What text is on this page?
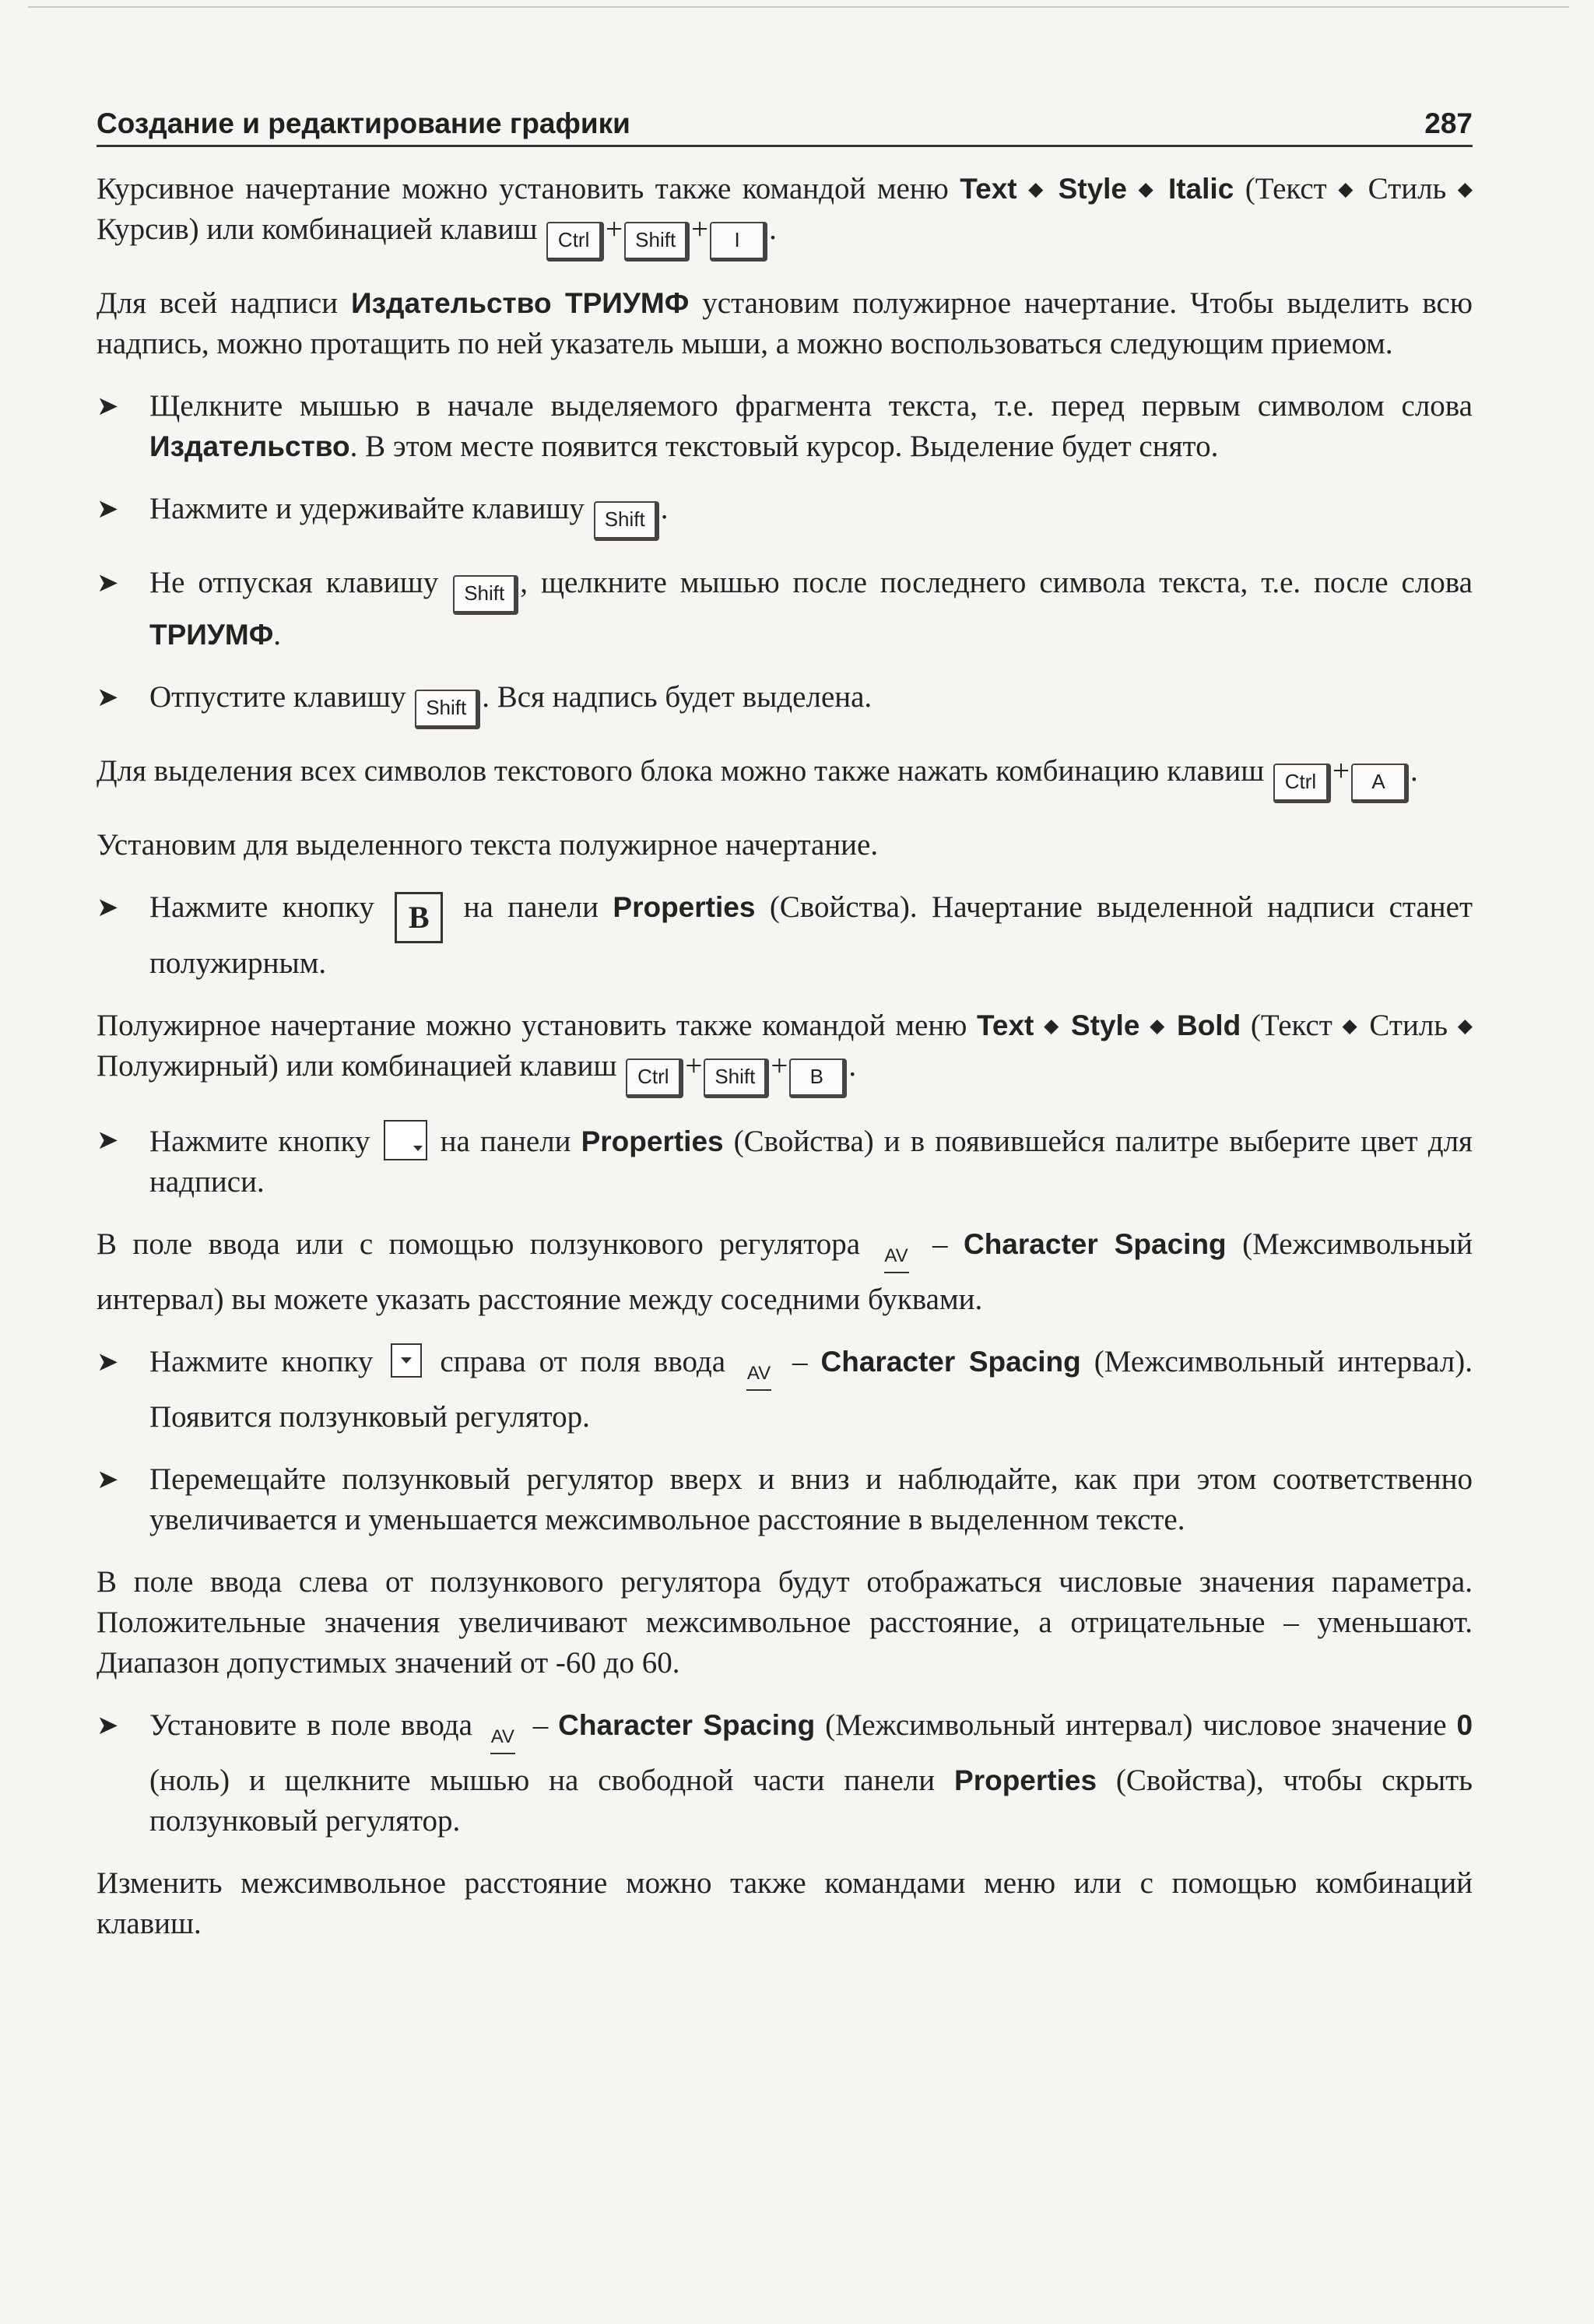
Создание и редактирование графики	287

Курсивное начертание можно установить также командой меню Text ◆ Style ◆ Italic (Текст ◆ Стиль ◆ Курсив) или комбинацией клавиш Ctrl + Shift + I .

Для всей надписи Издательство ТРИУМФ установим полужирное начертание. Чтобы выделить всю надпись, можно протащить по ней указатель мыши, а можно воспользоваться следующим приемом.

➤ Щелкните мышью в начале выделяемого фрагмента текста, т.е. перед первым символом слова Издательство. В этом месте появится текстовый курсор. Выделение будет снято.
➤ Нажмите и удерживайте клавишу Shift .
➤ Не отпуская клавишу Shift , щелкните мышью после последнего символа текста, т.е. после слова ТРИУМФ.
➤ Отпустите клавишу Shift . Вся надпись будет выделена.

Для выделения всех символов текстового блока можно также нажать комбинацию клавиш Ctrl + A .

Установим для выделенного текста полужирное начертание.

➤ Нажмите кнопку B на панели Properties (Свойства). Начертание выделенной надписи станет полужирным.

Полужирное начертание можно установить также командой меню Text ◆ Style ◆ Bold (Текст ◆ Стиль ◆ Полужирный) или комбинацией клавиш Ctrl + Shift + B .

➤ Нажмите кнопку  на панели Properties (Свойства) и в появившейся палитре выберите цвет для надписи.

В поле ввода или с помощью ползункового регулятора AV – Character Spacing (Межсимвольный интервал) вы можете указать расстояние между соседними буквами.

➤ Нажмите кнопку  справа от поля ввода AV – Character Spacing (Межсимвольный интервал). Появится ползунковый регулятор.
➤ Перемещайте ползунковый регулятор вверх и вниз и наблюдайте, как при этом соответственно увеличивается и уменьшается межсимвольное расстояние в выделенном тексте.

В поле ввода слева от ползункового регулятора будут отображаться числовые значения параметра. Положительные значения увеличивают межсимвольное расстояние, а отрицательные – уменьшают. Диапазон допустимых значений от -60 до 60.

➤ Установите в поле ввода AV – Character Spacing (Межсимвольный интервал) числовое значение 0 (ноль) и щелкните мышью на свободной части панели Properties (Свойства), чтобы скрыть ползунковый регулятор.

Изменить межсимвольное расстояние можно также командами меню или с помощью комбинаций клавиш.
